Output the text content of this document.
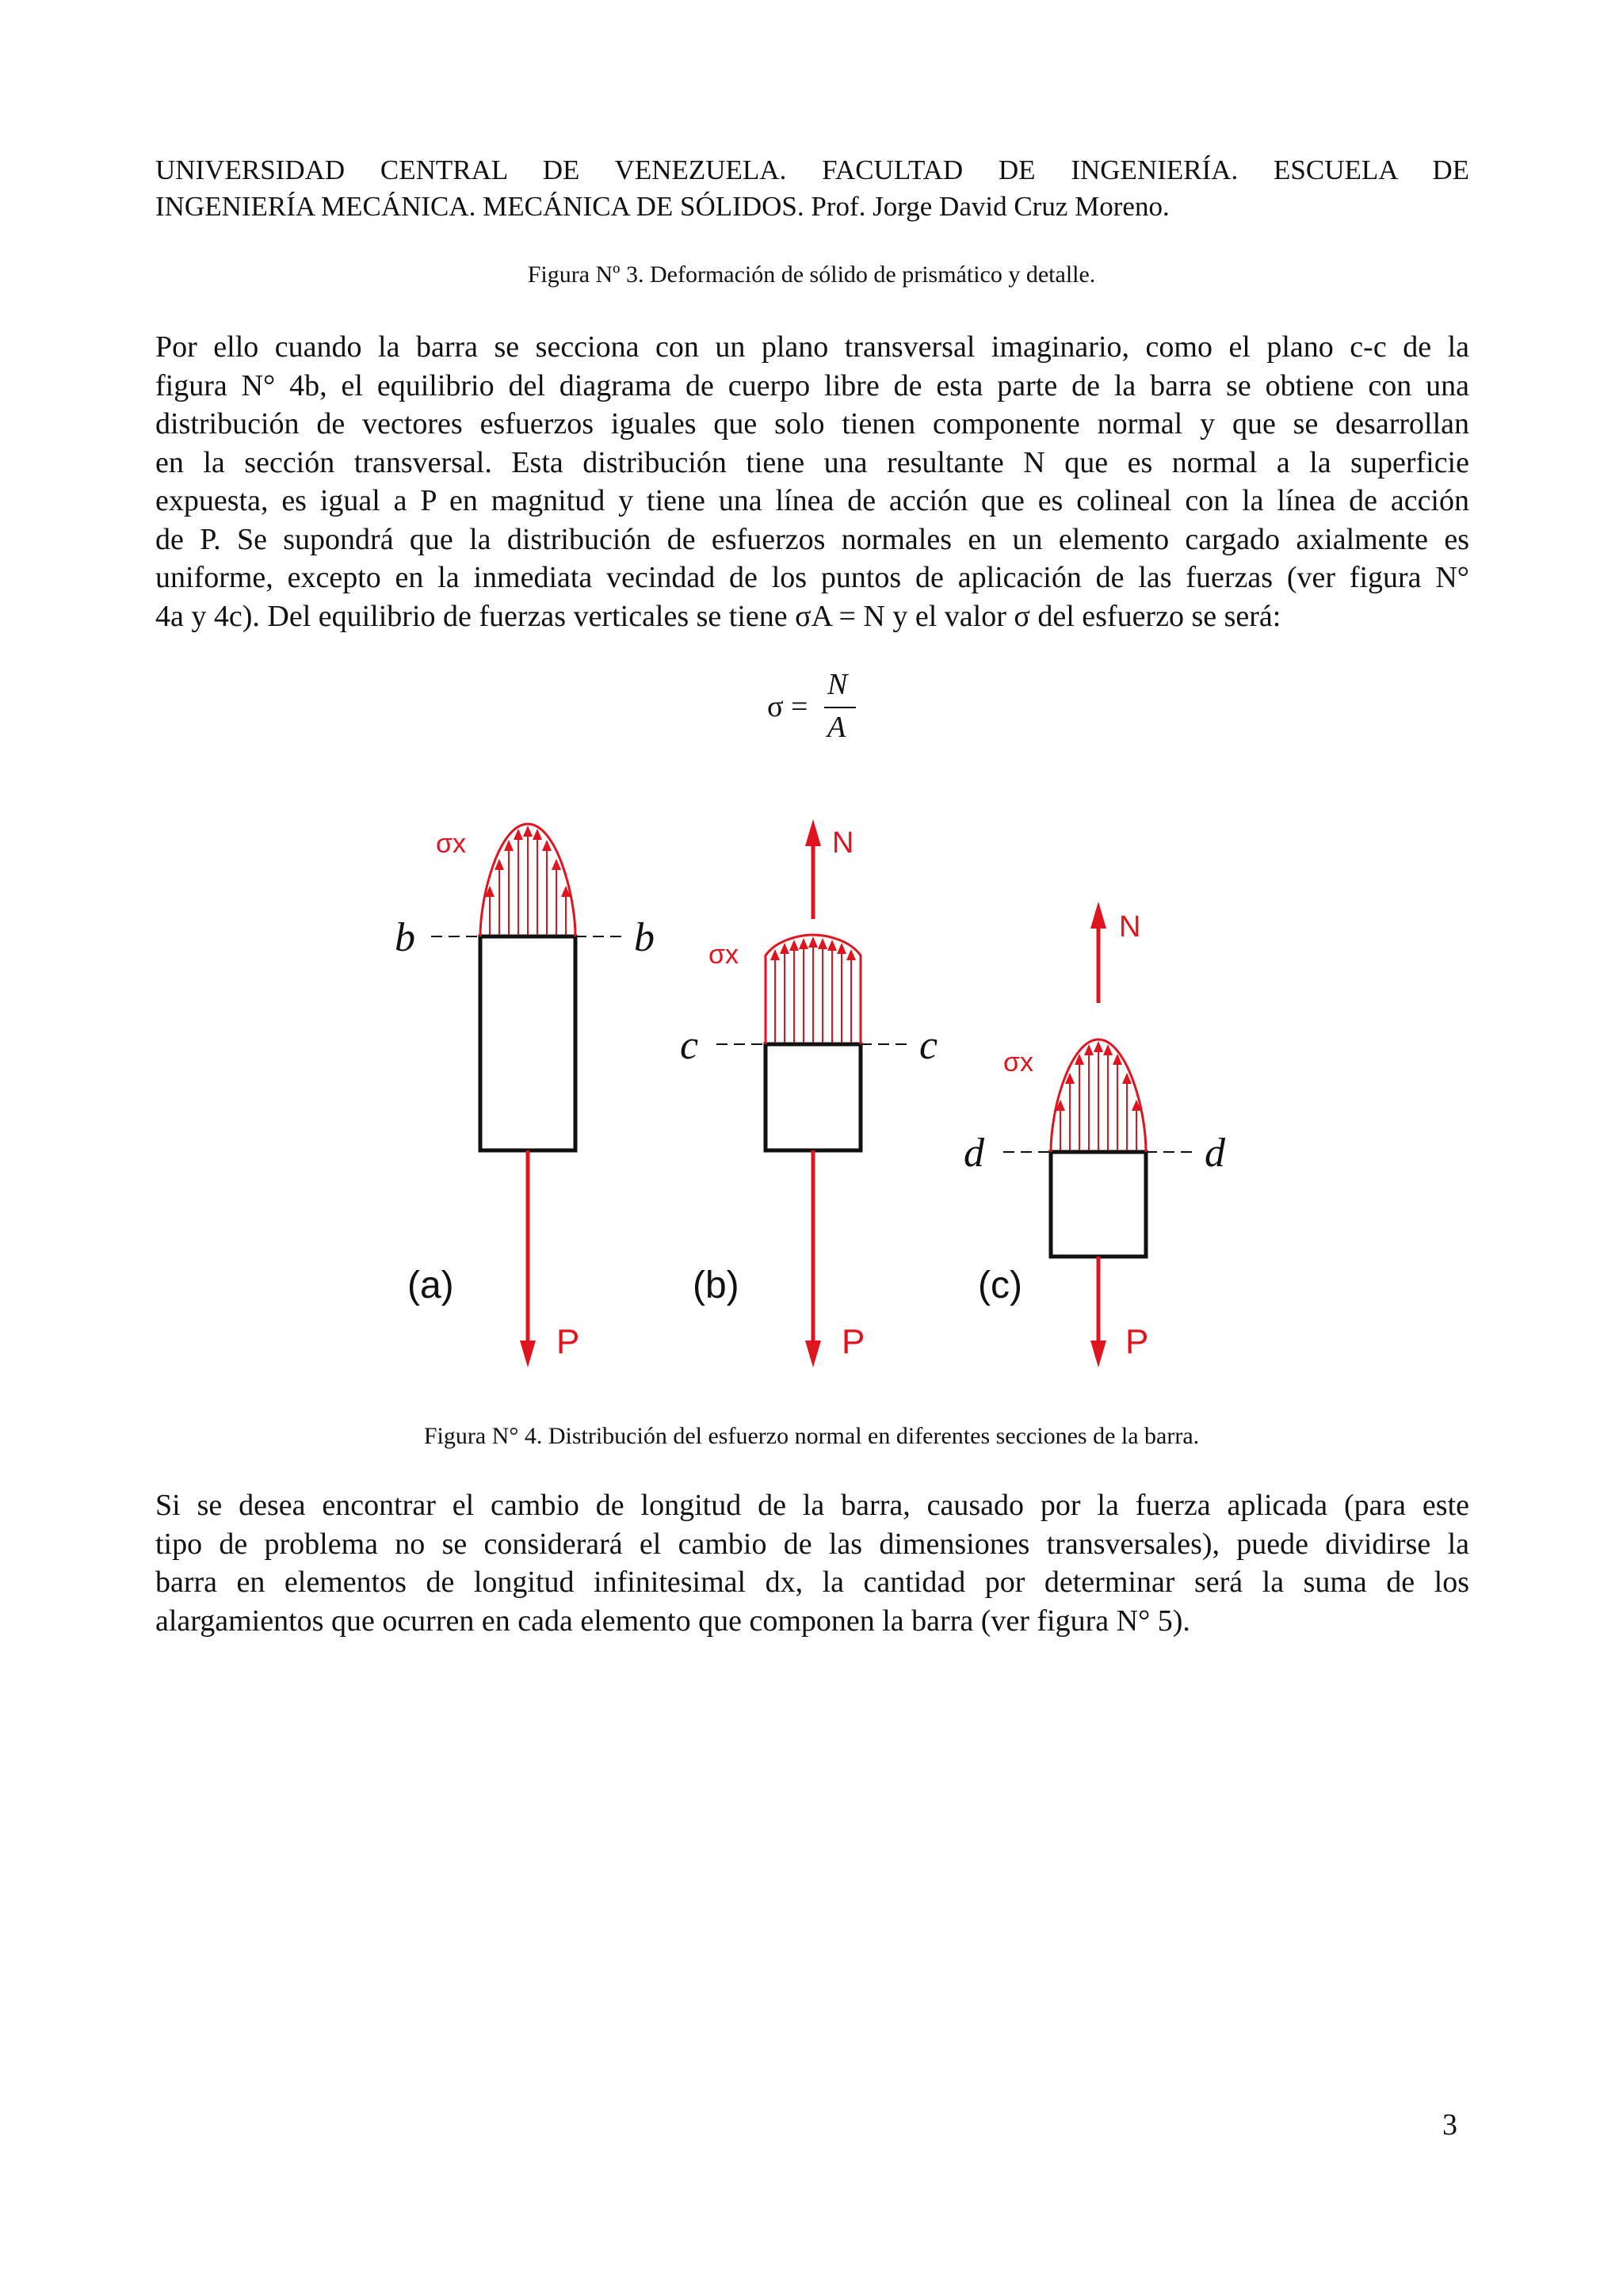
UNIVERSIDAD CENTRAL DE VENEZUELA. FACULTAD DE INGENIERÍA. ESCUELA DE
INGENIERÍA MECÁNICA. MECÁNICA DE SÓLIDOS. Prof. Jorge David Cruz Moreno.
Figura Nº 3. Deformación de sólido de prismático y detalle.
Por ello cuando la barra se secciona con un plano transversal imaginario, como el plano c-c de la
figura N° 4b, el equilibrio del diagrama de cuerpo libre de esta parte de la barra se obtiene con una
distribución de vectores esfuerzos iguales que solo tienen componente normal y que se desarrollan
en la sección transversal. Esta distribución tiene una resultante N que es normal a la superficie
expuesta, es igual a P en magnitud y tiene una línea de acción que es colineal con la línea de acción
de P. Se supondrá que la distribución de esfuerzos normales en un elemento cargado axialmente es
uniforme, excepto en la inmediata vecindad de los puntos de aplicación de las fuerzas (ver figura N°
4a y 4c). Del equilibrio de fuerzas verticales se tiene σA = N y el valor σ del esfuerzo se será:
σ =
N
A
b	b
σx
P
(a)
c	c
σx
N
P
(b)
d	d
σx
N
P
(c)
Figura N° 4. Distribución del esfuerzo normal en diferentes secciones de la barra.
Si se desea encontrar el cambio de longitud de la barra, causado por la fuerza aplicada (para este
tipo de problema no se considerará el cambio de las dimensiones transversales), puede dividirse la
barra en elementos de longitud infinitesimal dx, la cantidad por determinar será la suma de los
alargamientos que ocurren en cada elemento que componen la barra (ver figura N° 5).
3
